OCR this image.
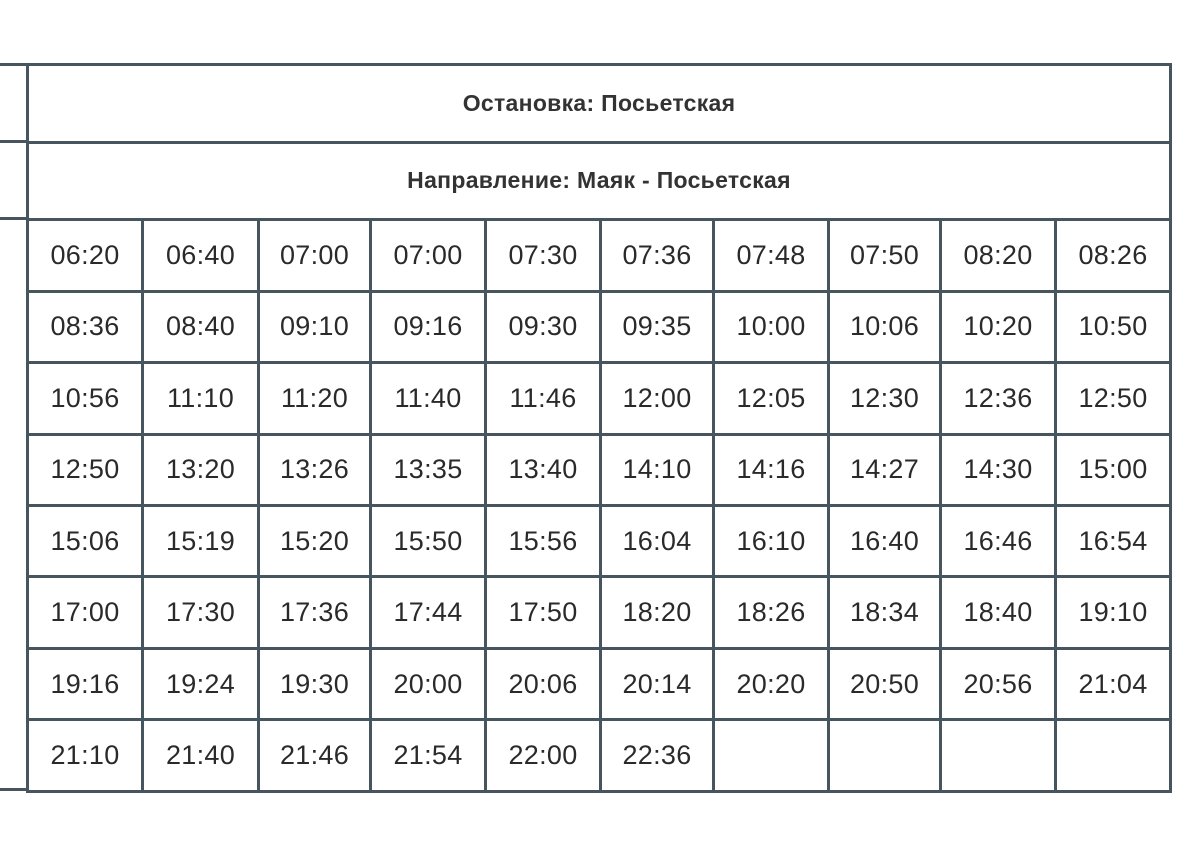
Остановка: Посьетская									
Направление: Маяк - Посьетская									
06:20	06:40	07:00	07:00	07:30	07:36	07:48	07:50	08:20	08:26
08:36	08:40	09:10	09:16	09:30	09:35	10:00	10:06	10:20	10:50
10:56	11:10	11:20	11:40	11:46	12:00	12:05	12:30	12:36	12:50
12:50	13:20	13:26	13:35	13:40	14:10	14:16	14:27	14:30	15:00
15:06	15:19	15:20	15:50	15:56	16:04	16:10	16:40	16:46	16:54
17:00	17:30	17:36	17:44	17:50	18:20	18:26	18:34	18:40	19:10
19:16	19:24	19:30	20:00	20:06	20:14	20:20	20:50	20:56	21:04
21:10	21:40	21:46	21:54	22:00	22:36				
